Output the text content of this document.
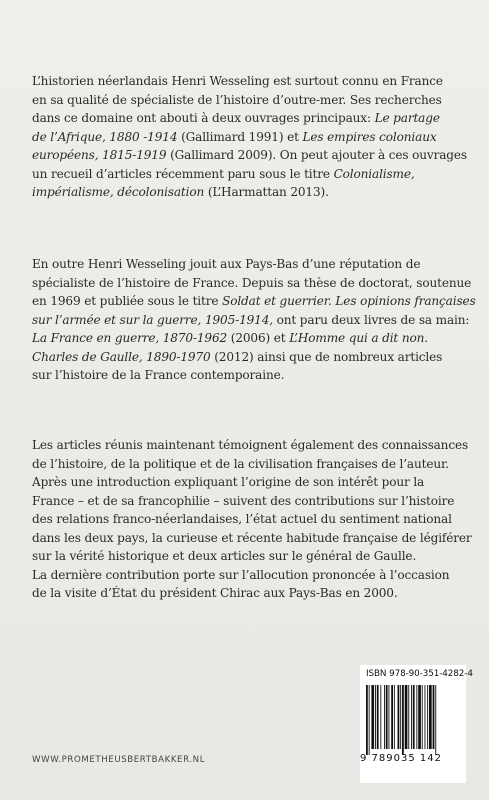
L’historien néerlandais Henri Wesseling est surtout connu en France
en sa qualité de spécialiste de l’histoire d’outre-mer. Ses recherches
dans ce domaine ont abouti à deux ouvrages principaux: Le partage
de l’Afrique, 1880 -1914 (Gallimard 1991) et Les empires coloniaux
européens, 1815-1919 (Gallimard 2009). On peut ajouter à ces ouvrages
un recueil d’articles récemment paru sous le titre Colonialisme,
impérialisme, décolonisation (L’Harmattan 2013).
En outre Henri Wesseling jouit aux Pays-Bas d’une réputation de
spécialiste de l’histoire de France. Depuis sa thèse de doctorat, soutenue
en 1969 et publiée sous le titre Soldat et guerrier. Les opinions françaises
sur l’armée et sur la guerre, 1905-1914, ont paru deux livres de sa main:
La France en guerre, 1870-1962 (2006) et L’Homme qui a dit non.
Charles de Gaulle, 1890-1970 (2012) ainsi que de nombreux articles
sur l’histoire de la France contemporaine.
Les articles réunis maintenant témoignent également des connaissances
de l’histoire, de la politique et de la civilisation françaises de l’auteur.
Après une introduction expliquant l’origine de son intérêt pour la
France – et de sa francophilie – suivent des contributions sur l’histoire
des relations franco-néerlandaises, l’état actuel du sentiment national
dans les deux pays, la curieuse et récente habitude française de légiférer
sur la vérité historique et deux articles sur le général de Gaulle.
La dernière contribution porte sur l’allocution prononcée à l’occasion
de la visite d’État du président Chirac aux Pays-Bas en 2000.
ISBN 978-90-351-4282-4
9 789035 142
WWW.PROMETHEUSBERTBAKKER.NL
